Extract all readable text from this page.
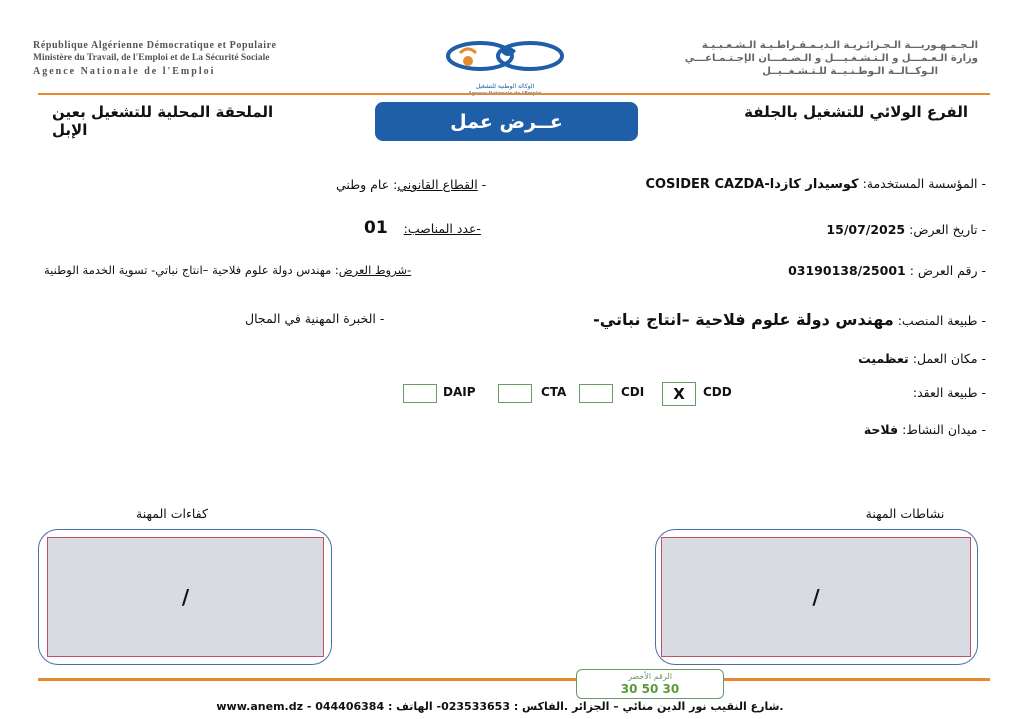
République Algérienne Démocratique et Populaire
Ministère du Travail, de l'Emploi et de La Sécurité Sociale
Agence Nationale de l'Emploi
الوكالة الوطنية للتشغيل
الـجـمـهـوريـــة الـجـزائـريـة الـديـمـقـراطـيـة الـشـعـبـيـة
وزارة الـعـمـــل و الـتـشـغـيـــل و الـضـمـــان الإجـتـمـاعـــي
الـوكــالــة الـوطـنـيــة للـتـشـغــيــل
الفرع الولائي للتشغيل بالجلفة
عــرض عمل
الملحقة المحلية للتشغيل بعين الإبل
- المؤسسة المستخدمة: كوسيدار كازدا-COSIDER CAZDA
- تاريخ العرض: 15/07/2025
- رقم العرض : 03190138/25001
- طبيعة المنصب: مهندس دولة علوم فلاحية –انتاج نباتي-
- مكان العمل: تعظميت
- طبيعة العقد:
- ميدان النشاط: فلاحة
- القطاع القانوني: عام وطني
-عدد المناصب: 01
-شروط العرض: مهندس دولة علوم فلاحية –انتاج نباتي- تسوية الخدمة الوطنية
- الخبرة المهنية في المجال
X CDD
CDI
CTA
DAIP
نشاطات المهنة
كفاءات المهنة
/
/
الرقم الأخضر
30 50 30
.شارع النقيب نور الدين منائي – الجزائر .الفاكس : 023533653- الهاتف : 044406384 - www.anem.dz
